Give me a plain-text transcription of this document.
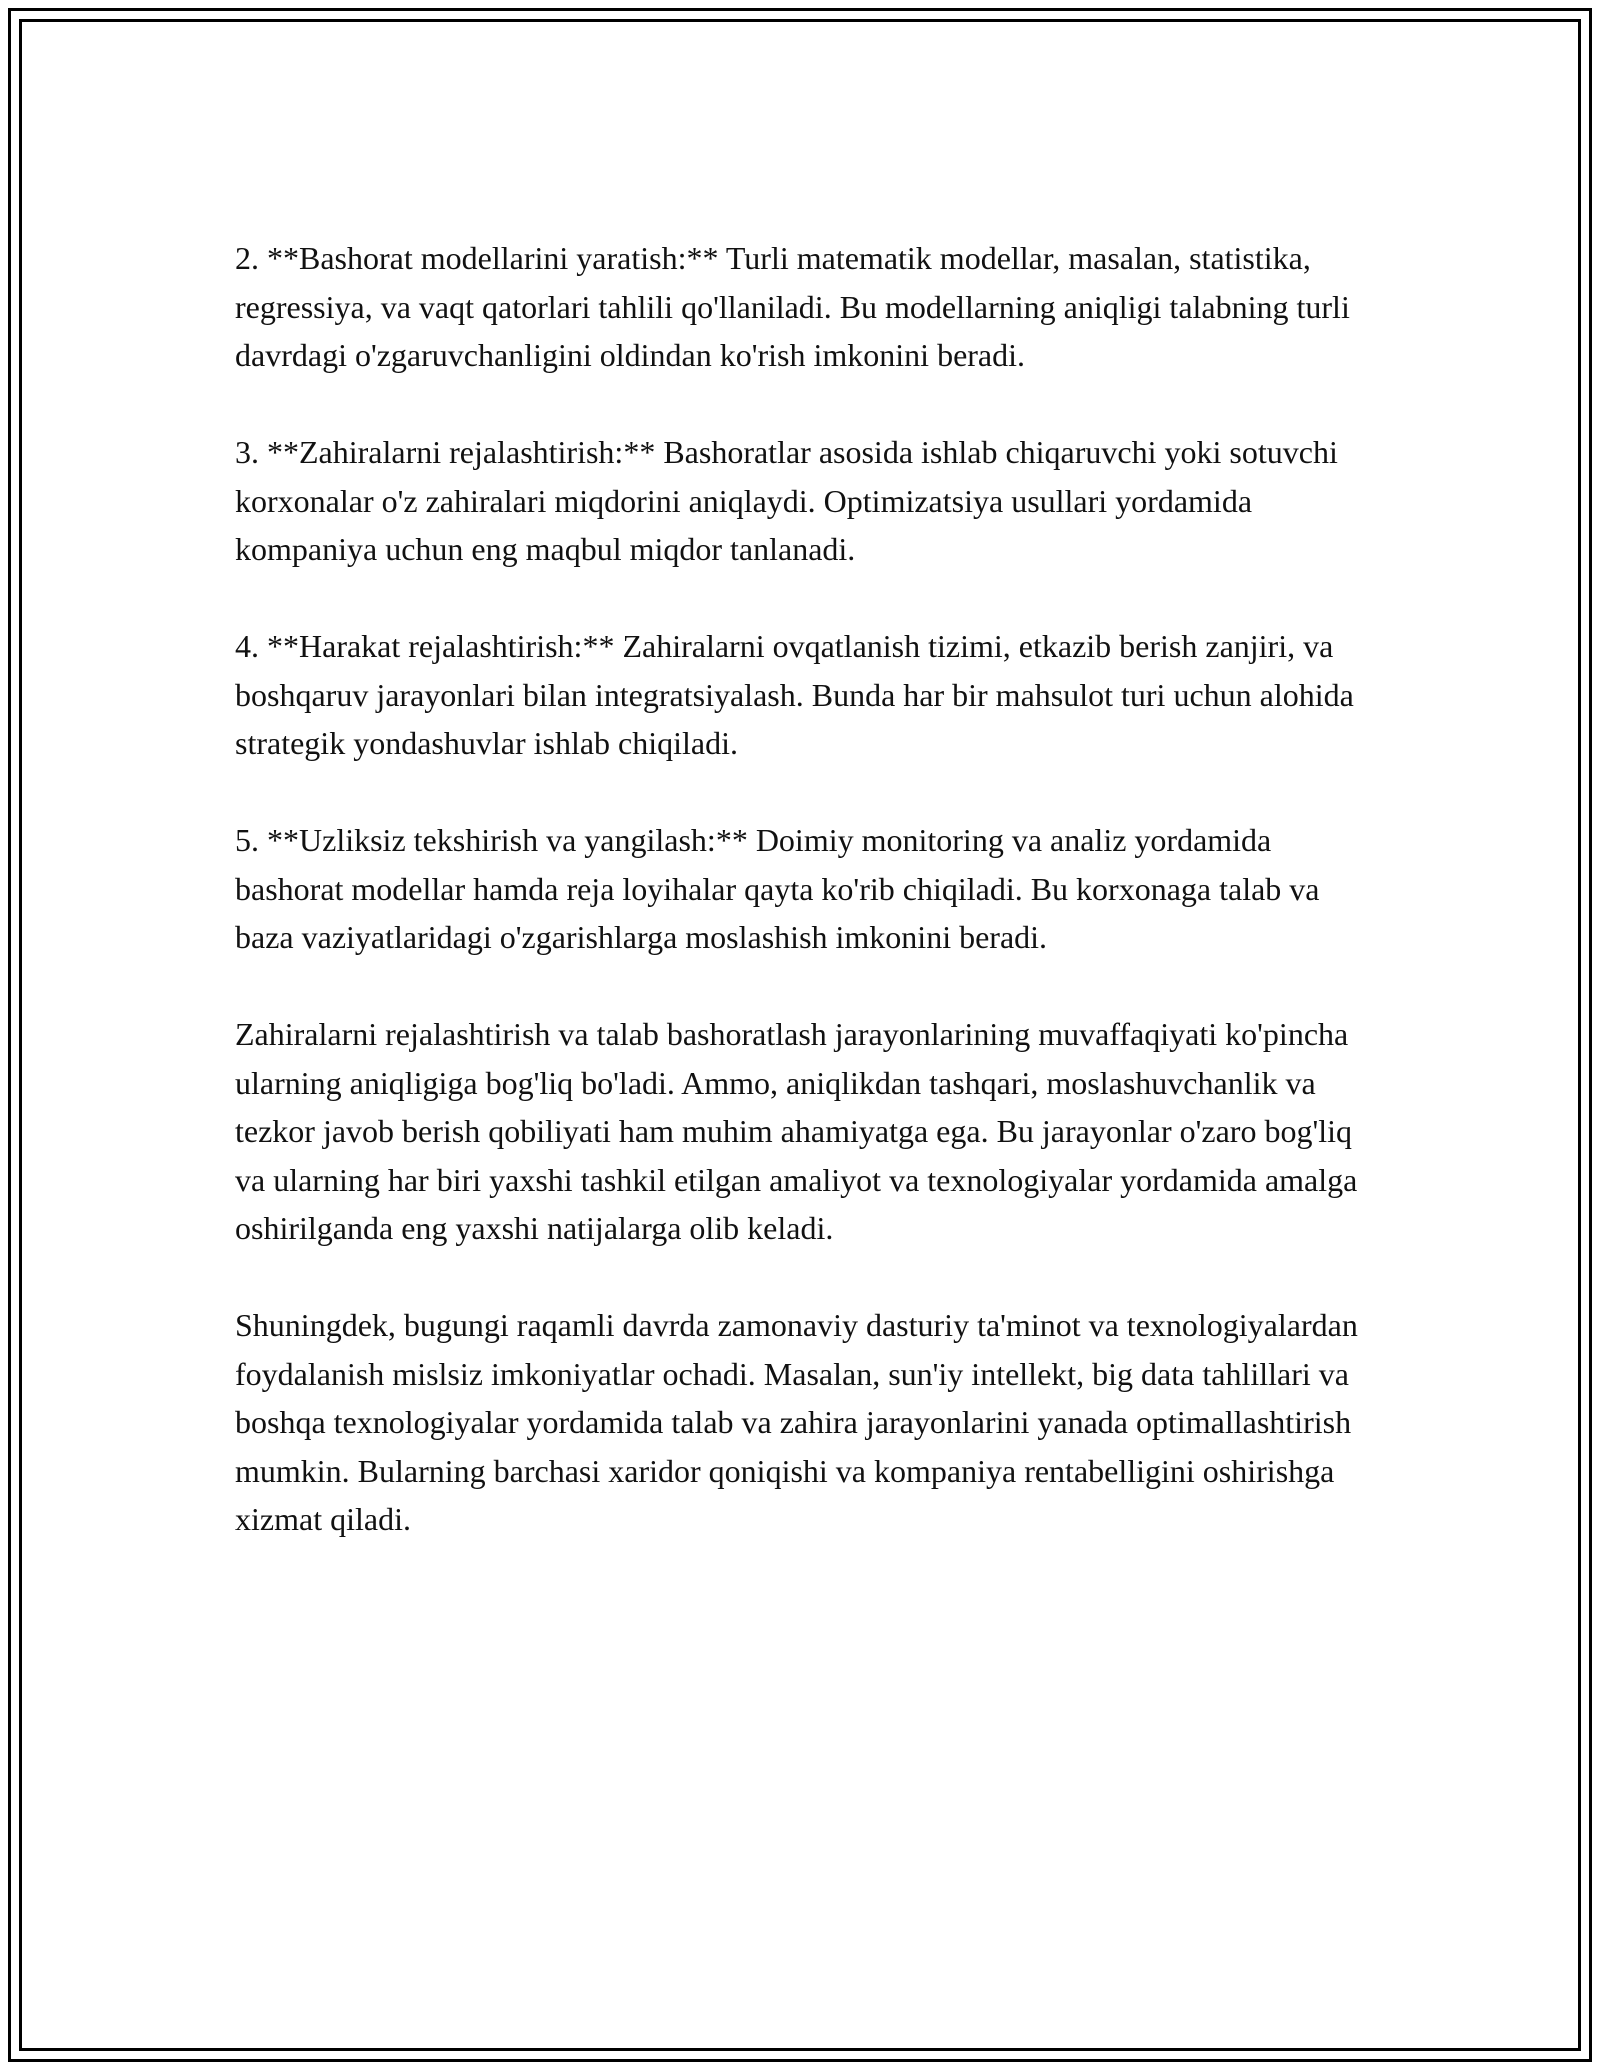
2. **Bashorat modellarini yaratish:** Turli matematik modellar, masalan, statistika, regressiya, va vaqt qatorlari tahlili qo'llaniladi. Bu modellarning aniqligi talabning turli davrdagi o'zgaruvchanligini oldindan ko'rish imkonini beradi.

3. **Zahiralarni rejalashtirish:** Bashoratlar asosida ishlab chiqaruvchi yoki sotuvchi korxonalar o'z zahiralari miqdorini aniqlaydi. Optimizatsiya usullari yordamida kompaniya uchun eng maqbul miqdor tanlanadi.

4. **Harakat rejalashtirish:** Zahiralarni ovqatlanish tizimi, etkazib berish zanjiri, va boshqaruv jarayonlari bilan integratsiyalash. Bunda har bir mahsulot turi uchun alohida strategik yondashuvlar ishlab chiqiladi.

5. **Uzliksiz tekshirish va yangilash:** Doimiy monitoring va analiz yordamida bashorat modellar hamda reja loyihalar qayta ko'rib chiqiladi. Bu korxonaga talab va baza vaziyatlaridagi o'zgarishlarga moslashish imkonini beradi.

Zahiralarni rejalashtirish va talab bashoratlash jarayonlarining muvaffaqiyati ko'pincha ularning aniqligiga bog'liq bo'ladi. Ammo, aniqlikdan tashqari, moslashuvchanlik va tezkor javob berish qobiliyati ham muhim ahamiyatga ega. Bu jarayonlar o'zaro bog'liq va ularning har biri yaxshi tashkil etilgan amaliyot va texnologiyalar yordamida amalga oshirilganda eng yaxshi natijalarga olib keladi.

Shuningdek, bugungi raqamli davrda zamonaviy dasturiy ta'minot va texnologiyalardan foydalanish mislsiz imkoniyatlar ochadi. Masalan, sun'iy intellekt, big data tahlillari va boshqa texnologiyalar yordamida talab va zahira jarayonlarini yanada optimallashtirish mumkin. Bularning barchasi xaridor qoniqishi va kompaniya rentabelligini oshirishga xizmat qiladi.
